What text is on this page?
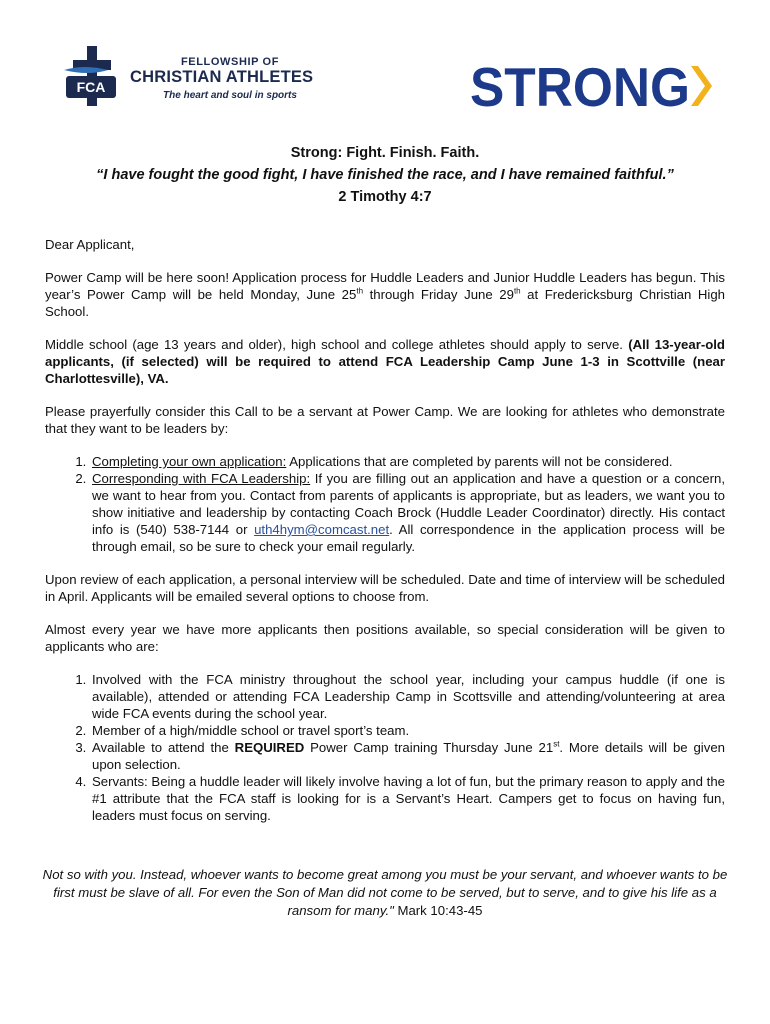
FCA
FELLOWSHIP OF
CHRISTIAN ATHLETES
The heart and soul in sports	STRONG
Strong: Fight. Finish. Faith.
“I have fought the good fight, I have finished the race, and I have remained faithful.”
2 Timothy 4:7

Dear Applicant,

Power Camp will be here soon! Application process for Huddle Leaders and Junior Huddle Leaders has begun. This year’s Power Camp will be held Monday, June 25th through Friday June 29th at Fredericksburg Christian High School.

Middle school (age 13 years and older), high school and college athletes should apply to serve. (All 13-year-old applicants, (if selected) will be required to attend FCA Leadership Camp June 1-3 in Scottville (near Charlottesville), VA.

Please prayerfully consider this Call to be a servant at Power Camp. We are looking for athletes who demonstrate that they want to be leaders by:

1. Completing your own application: Applications that are completed by parents will not be considered.
2. Corresponding with FCA Leadership: If you are filling out an application and have a question or a concern, we want to hear from you. Contact from parents of applicants is appropriate, but as leaders, we want you to show initiative and leadership by contacting Coach Brock (Huddle Leader Coordinator) directly. His contact info is (540) 538-7144 or uth4hym@comcast.net. All correspondence in the application process will be through email, so be sure to check your email regularly.

Upon review of each application, a personal interview will be scheduled. Date and time of interview will be scheduled in April. Applicants will be emailed several options to choose from.

Almost every year we have more applicants then positions available, so special consideration will be given to applicants who are:

1. Involved with the FCA ministry throughout the school year, including your campus huddle (if one is available), attended or attending FCA Leadership Camp in Scottsville and attending/volunteering at area wide FCA events during the school year.
2. Member of a high/middle school or travel sport’s team.
3. Available to attend the REQUIRED Power Camp training Thursday June 21st. More details will be given upon selection.
4. Servants: Being a huddle leader will likely involve having a lot of fun, but the primary reason to apply and the #1 attribute that the FCA staff is looking for is a Servant’s Heart. Campers get to focus on having fun, leaders must focus on serving.
Not so with you. Instead, whoever wants to become great among you must be your servant, and whoever wants to be first must be slave of all. For even the Son of Man did not come to be served, but to serve, and to give his life as a ransom for many." Mark 10:43-45
